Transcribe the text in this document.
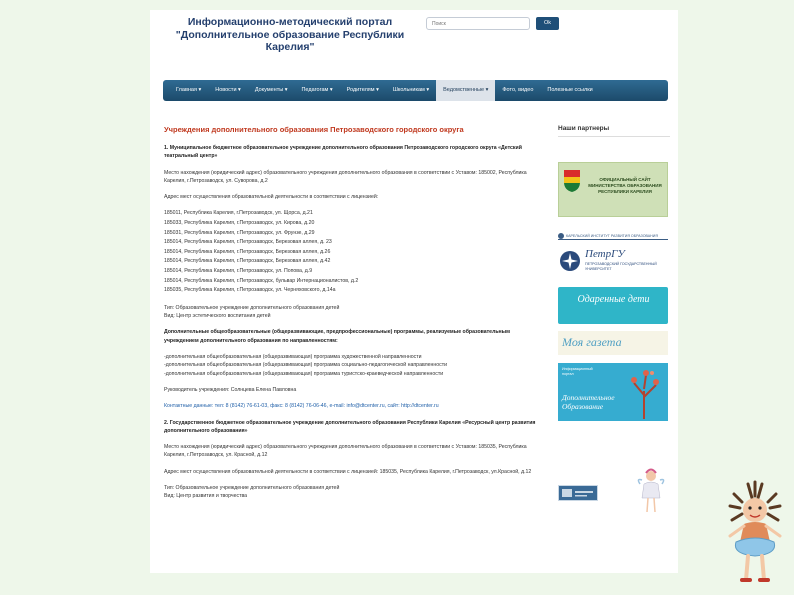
Информационно-методический портал
"Дополнительное образование Республики
Карелия"
Поиск
Ok
Главная ▾	Новости ▾	Документы ▾	Педагогам ▾	Родителям ▾	Школьникам ▾	Ведомственные ▾	Фото, видео	Полезные ссылки
Учреждения дополнительного образования Петрозаводского городского округа
1. Муниципальное бюджетное образовательное учреждение дополнительного образования Петрозаводского городского округа «Детский театральный центр»
Место нахождения (юридический адрес) образовательного учреждения дополнительного образования в соответствии с Уставом: 185002, Республика Карелия, г.Петрозаводск, ул. Суворова, д.2
Адрес мест осуществления образовательной деятельности в соответствии с лицензией:
185011, Республика Карелия, г.Петрозаводск, ул. Щорса, д.21
185033, Республика Карелия, г.Петрозаводск, ул. Кирова, д.20
185031, Республика Карелия, г.Петрозаводск, ул. Фрунзе, д.29
185014, Республика Карелия, г.Петрозаводск, Березовая аллея, д. 23
185014, Республика Карелия, г.Петрозаводск, Березовая аллея, д.26
185014, Республика Карелия, г.Петрозаводск, Березовая аллея, д.42
185014, Республика Карелия, г.Петрозаводск, ул. Попова, д.9
185014, Республика Карелия, г.Петрозаводск, бульвар Интернационалистов, д.2
185035, Республика Карелия, г.Петрозаводск, ул. Черняховского, д.14а
Тип: Образовательное учреждение дополнительного образования детей
Вид: Центр эстетического воспитания детей
Дополнительные общеобразовательные (общеразвивающие, предпрофессиональные) программы, реализуемые образовательным учреждением дополнительного образования по направленностям:
-дополнительная общеобразовательная (общеразвивающая) программа художественной направленности
-дополнительная общеобразовательная (общеразвивающая) программа социально-педагогической направленности
-дополнительная общеобразовательная (общеразвивающая) программа туристско-краеведческой направленности
Руководитель учреждения: Солнцева Елена Павловна
Контактные данные: тел: 8 (8142) 76-61-03, факс: 8 (8142) 76-06-46, e-mail: info@dtcenter.ru, сайт: http://dtcenter.ru
2. Государственное бюджетное образовательное учреждение дополнительного образования Республики Карелия «Ресурсный центр развития дополнительного образования»
Место нахождения (юридический адрес) образовательного учреждения дополнительного образования в соответствии с Уставом: 185035, Республика Карелия, г.Петрозаводск, ул. Красной, д.12
Адрес мест осуществления образовательной деятельности в соответствии с лицензией: 185035, Республика Карелия, г.Петрозаводск, ул.Красной, д.12
Тип: Образовательное учреждение дополнительного образования детей
Вид: Центр развития и творчества
Наши партнеры
ОФИЦИАЛЬНЫЙ САЙТ МИНИСТЕРСТВА ОБРАЗОВАНИЯ РЕСПУБЛИКИ КАРЕЛИЯ
КАРЕЛЬСКИЙ ИНСТИТУТ РАЗВИТИЯ ОБРАЗОВАНИЯ
ПетрГУ
ПЕТРОЗАВОДСКИЙ ГОСУДАРСТВЕННЫЙ УНИВЕРСИТЕТ
Одаренные дети
Моя газета
Информационный портал
Дополнительное Образование
